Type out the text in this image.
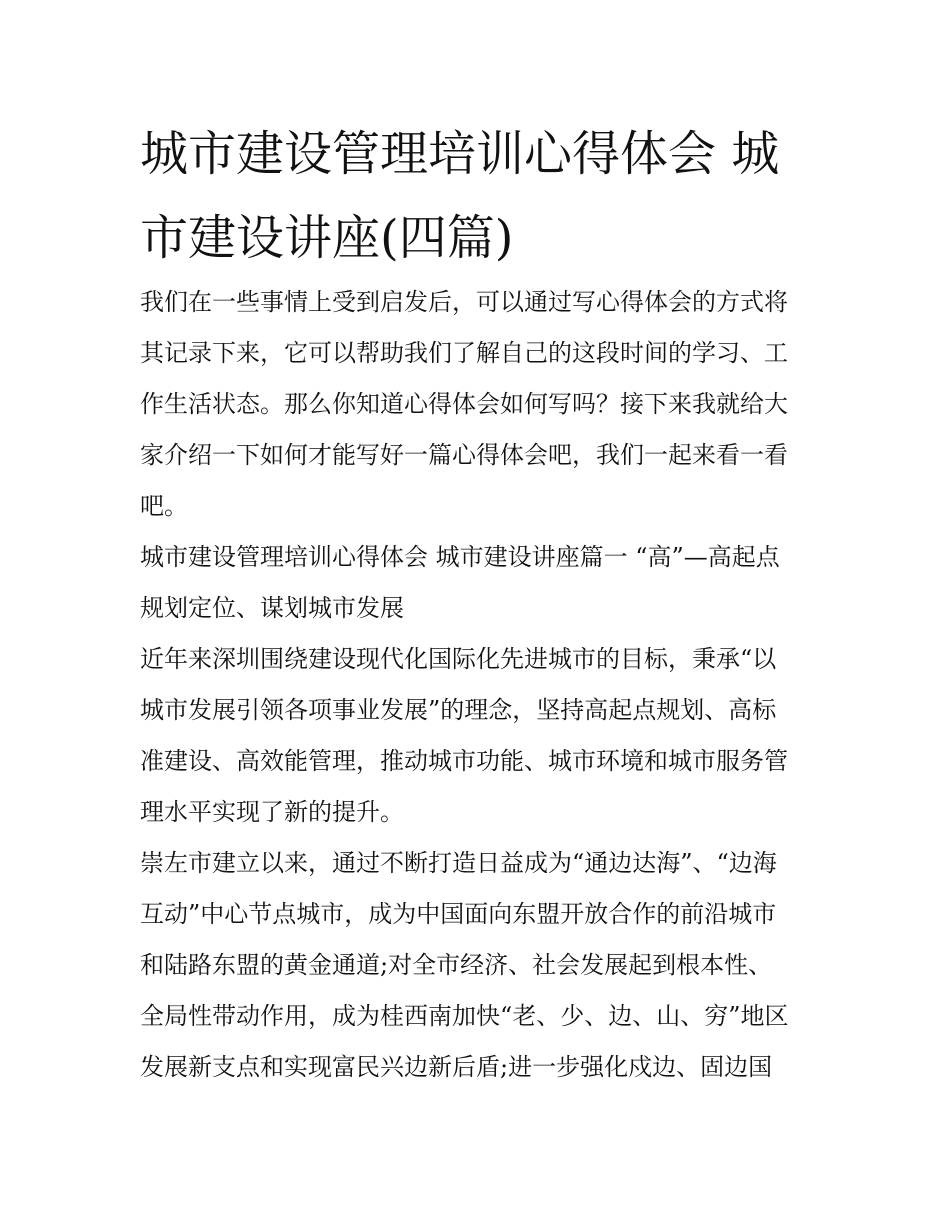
城市建设管理培训心得体会 城
市建设讲座(四篇)

我们在一些事情上受到启发后，可以通过写心得体会的方式将
其记录下来，它可以帮助我们了解自己的这段时间的学习、工
作生活状态。那么你知道心得体会如何写吗？接下来我就给大
家介绍一下如何才能写好一篇心得体会吧，我们一起来看一看
吧。

城市建设管理培训心得体会 城市建设讲座篇一 “高”—高起点
规划定位、谋划城市发展

近年来深圳围绕建设现代化国际化先进城市的目标，秉承“以
城市发展引领各项事业发展”的理念，坚持高起点规划、高标
准建设、高效能管理，推动城市功能、城市环境和城市服务管
理水平实现了新的提升。

崇左市建立以来，通过不断打造日益成为“通边达海”、“边海
互动”中心节点城市，成为中国面向东盟开放合作的前沿城市
和陆路东盟的黄金通道;对全市经济、社会发展起到根本性、
全局性带动作用，成为桂西南加快“老、少、边、山、穷”地区
发展新支点和实现富民兴边新后盾;进一步强化戍边、固边国
